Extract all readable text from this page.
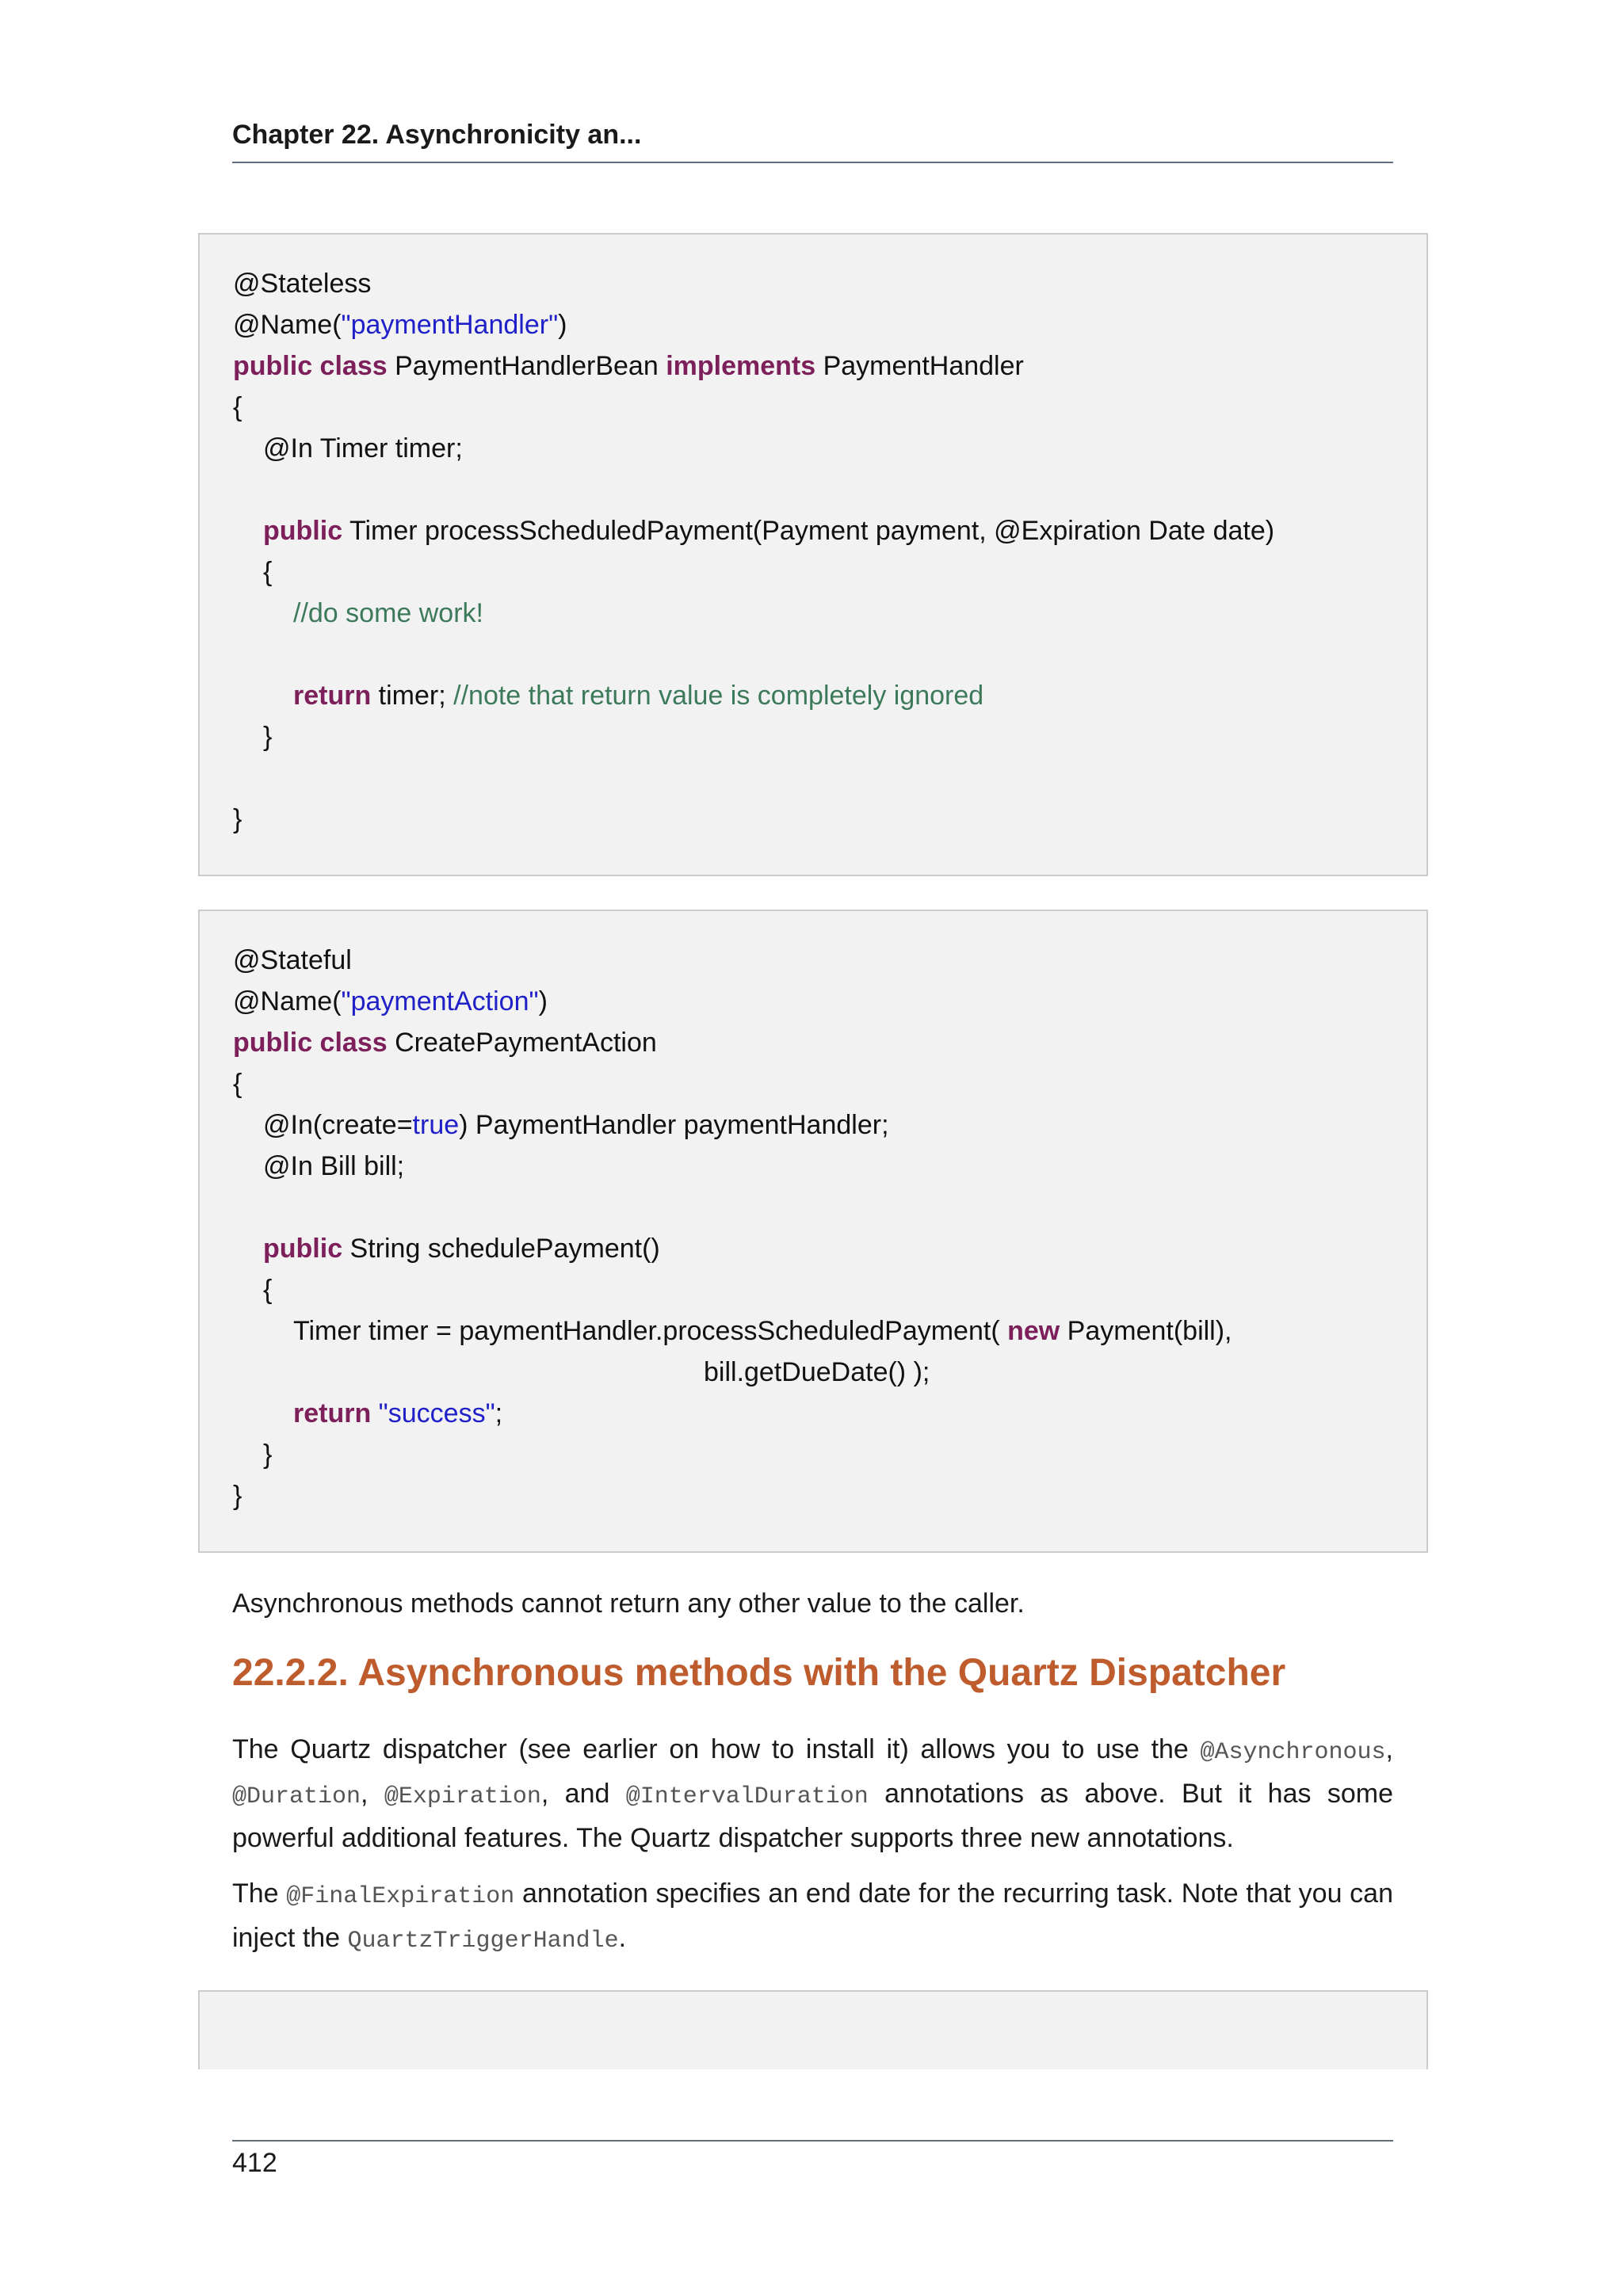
Chapter 22. Asynchronicity an...
@Stateless
@Name("paymentHandler")
public class PaymentHandlerBean implements PaymentHandler
{
@In Timer timer;
public Timer processScheduledPayment(Payment payment, @Expiration Date date)
{
//do some work!
return timer; //note that return value is completely ignored
}
}
@Stateful
@Name("paymentAction")
public class CreatePaymentAction
{
@In(create=true) PaymentHandler paymentHandler;
@In Bill bill;
public String schedulePayment()
{
Timer timer = paymentHandler.processScheduledPayment( new Payment(bill),
bill.getDueDate() );
return "success";
}
}
Asynchronous methods cannot return any other value to the caller.
22.2.2. Asynchronous methods with the Quartz Dispatcher
The Quartz dispatcher (see earlier on how to install it) allows you to use the @Asynchronous, @Duration, @Expiration, and @IntervalDuration annotations as above. But it has some powerful additional features. The Quartz dispatcher supports three new annotations.
The @FinalExpiration annotation specifies an end date for the recurring task. Note that you can inject the QuartzTriggerHandle.
412
